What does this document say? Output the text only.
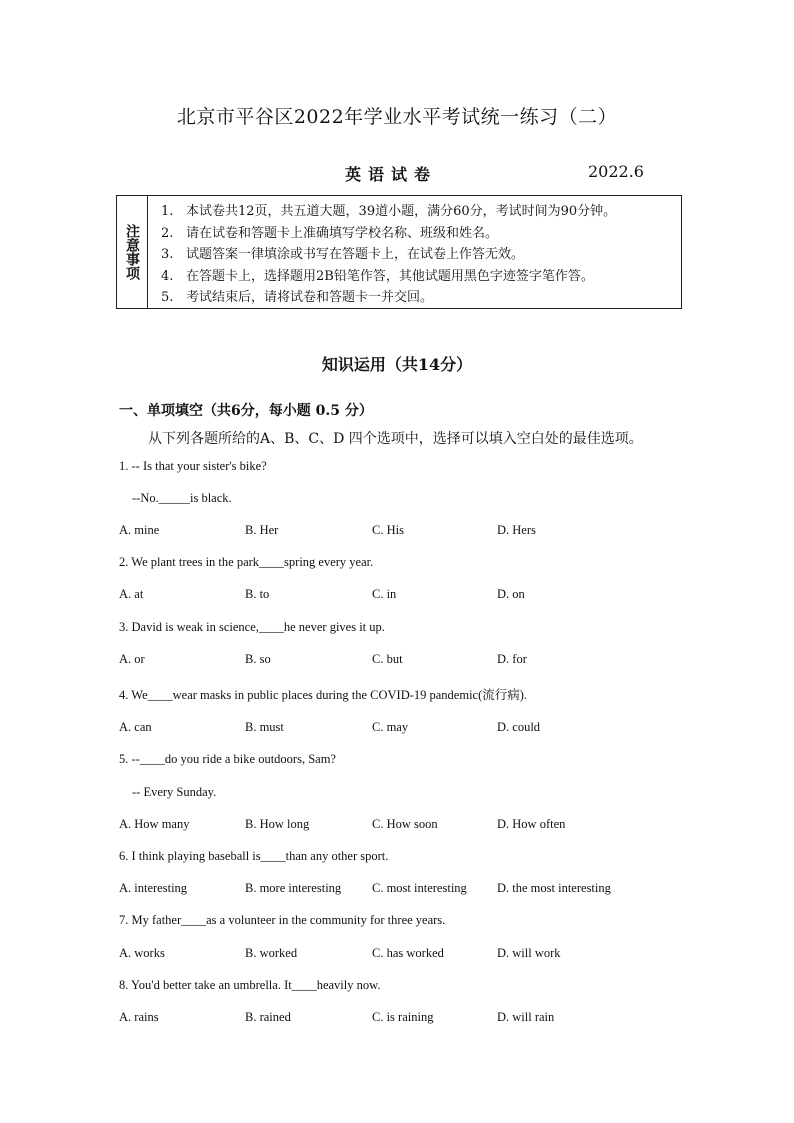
北京市平谷区2022年学业水平考试统一练习（二）
英语试卷	2022.6
注意事项
1. 本试卷共12页，共五道大题，39道小题，满分60分，考试时间为90分钟。
2. 请在试卷和答题卡上准确填写学校名称、班级和姓名。
3. 试题答案一律填涂或书写在答题卡上，在试卷上作答无效。
4. 在答题卡上，选择题用2B铅笔作答，其他试题用黑色字迹签字笔作答。
5. 考试结束后，请将试卷和答题卡一并交回。
知识运用（共14分）
一、单项填空（共6分，每小题 0.5 分）
从下列各题所给的A、B、C、D 四个选项中，选择可以填入空白处的最佳选项。
1. -- Is that your sister's bike?
--No._____is black.
A. mine	B. Her	C. His	D. Hers
2. We plant trees in the park____spring every year.
A. at	B. to	C. in	D. on
3. David is weak in science,____he never gives it up.
A. or	B. so	C. but	D. for
4. We____wear masks in public places during the COVID-19 pandemic(流行病).
A. can	B. must	C. may	D. could
5. --____do you ride a bike outdoors, Sam?
-- Every Sunday.
A. How many	B. How long	C. How soon	D. How often
6. I think playing baseball is____than any other sport.
A. interesting	B. more interesting C. most interesting D. the most interesting
7. My father____as a volunteer in the community for three years.
A. works	B. worked	C. has worked	D. will work
8. You'd better take an umbrella. It____heavily now.
A. rains	B. rained	C. is raining	D. will rain
